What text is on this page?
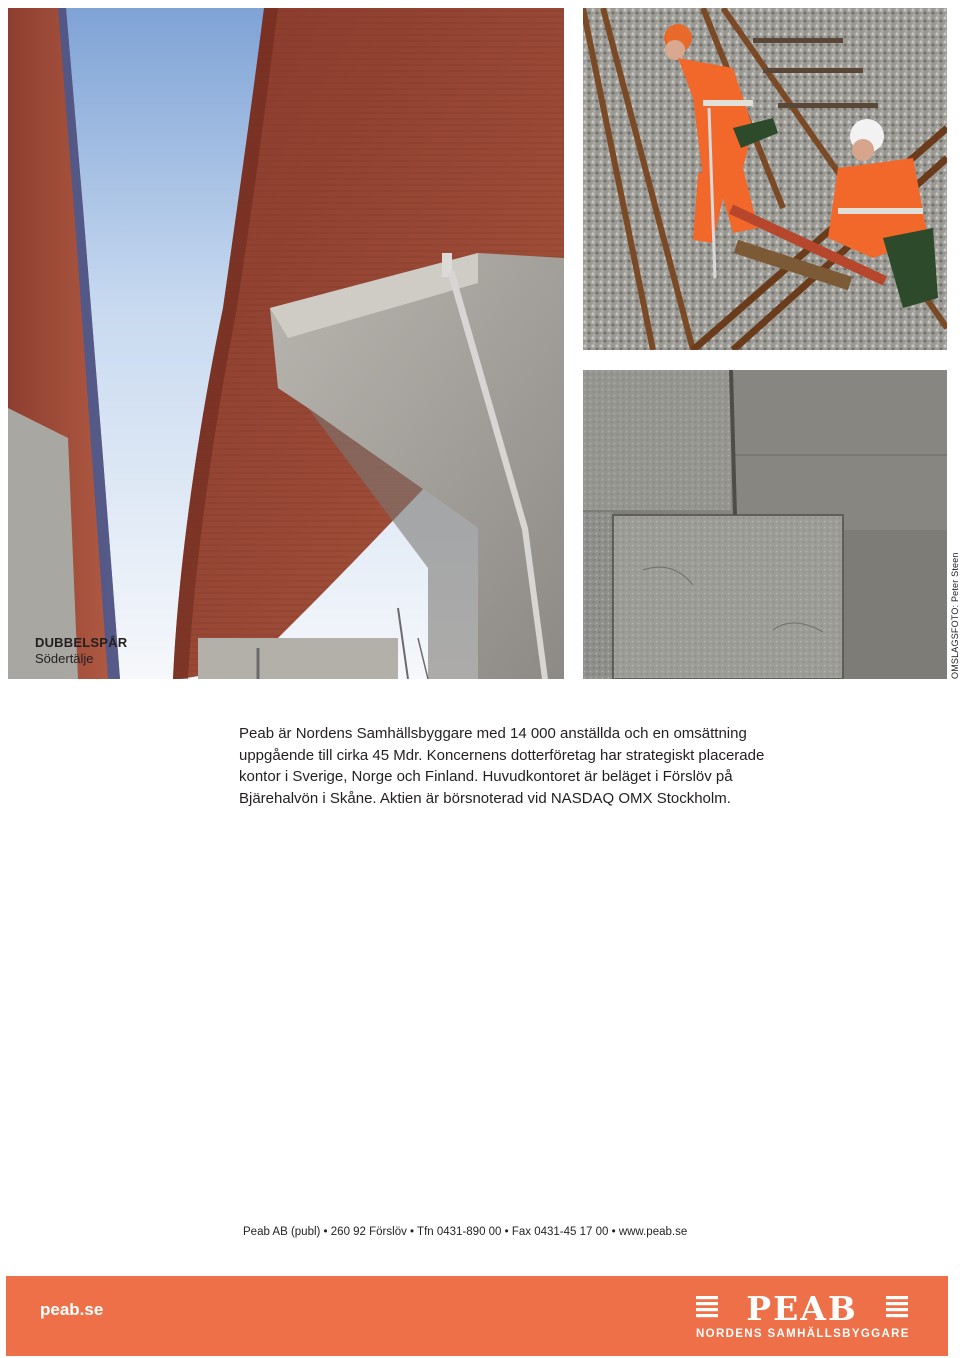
DUBBELSPÅR
Södertälje	OMSLAGSFOTO: Peter Steen
Peab är Nordens Samhällsbyggare med 14 000 anställda och en omsättning uppgående till cirka 45 Mdr. Koncernens dotterföretag har strategiskt placerade kontor i Sverige, Norge och Finland. Huvudkontoret är beläget i Förslöv på Bjärehalvön i Skåne. Aktien är börsnoterad vid NASDAQ OMX Stockholm.
Peab AB (publ) • 260 92 Förslöv • Tfn 0431-890 00 • Fax 0431-45 17 00 • www.peab.se
peab.se	PEAB
NORDENS SAMHÄLLSBYGGARE
